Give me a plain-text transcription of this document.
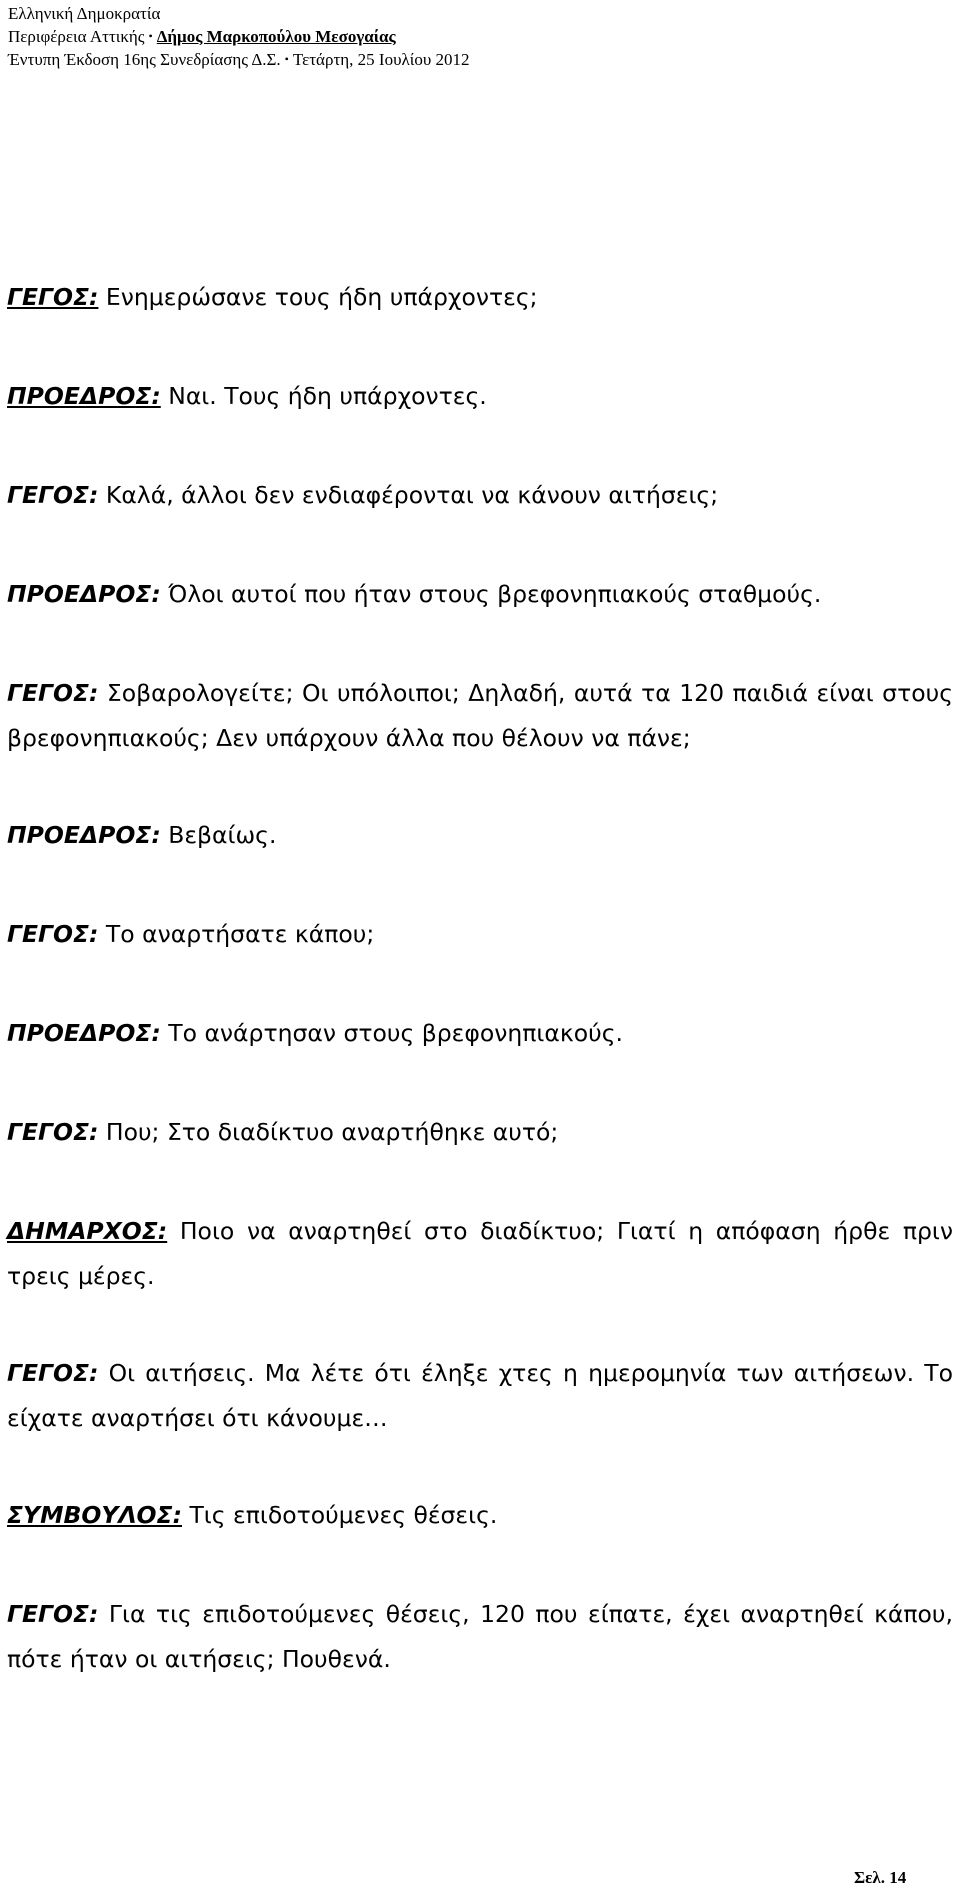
Ελληνική Δημοκρατία
Περιφέρεια Αττικής • Δήμος Μαρκοπούλου Μεσογαίας
Έντυπη Έκδοση 16ης Συνεδρίασης Δ.Σ. • Τετάρτη, 25 Ιουλίου 2012

ΓΕΓΟΣ: Ενημερώσανε τους ήδη υπάρχοντες;

ΠΡΟΕΔΡΟΣ: Ναι. Τους ήδη υπάρχοντες.

ΓΕΓΟΣ: Καλά, άλλοι δεν ενδιαφέρονται να κάνουν αιτήσεις;

ΠΡΟΕΔΡΟΣ: Όλοι αυτοί που ήταν στους βρεφονηπιακούς σταθμούς.

ΓΕΓΟΣ: Σοβαρολογείτε; Οι υπόλοιποι; Δηλαδή, αυτά τα 120 παιδιά είναι στους βρεφονηπιακούς; Δεν υπάρχουν άλλα που θέλουν να πάνε;

ΠΡΟΕΔΡΟΣ: Βεβαίως.

ΓΕΓΟΣ: Το αναρτήσατε κάπου;

ΠΡΟΕΔΡΟΣ: Το ανάρτησαν στους βρεφονηπιακούς.

ΓΕΓΟΣ: Που; Στο διαδίκτυο αναρτήθηκε αυτό;

ΔΗΜΑΡΧΟΣ: Ποιο να αναρτηθεί στο διαδίκτυο; Γιατί η απόφαση ήρθε πριν τρεις μέρες.

ΓΕΓΟΣ: Οι αιτήσεις. Μα λέτε ότι έληξε χτες η ημερομηνία των αιτήσεων. Το είχατε αναρτήσει ότι κάνουμε…

ΣΥΜΒΟΥΛΟΣ: Τις επιδοτούμενες θέσεις.

ΓΕΓΟΣ: Για τις επιδοτούμενες θέσεις, 120 που είπατε, έχει αναρτηθεί κάπου, πότε ήταν οι αιτήσεις; Πουθενά.

Σελ. 14
